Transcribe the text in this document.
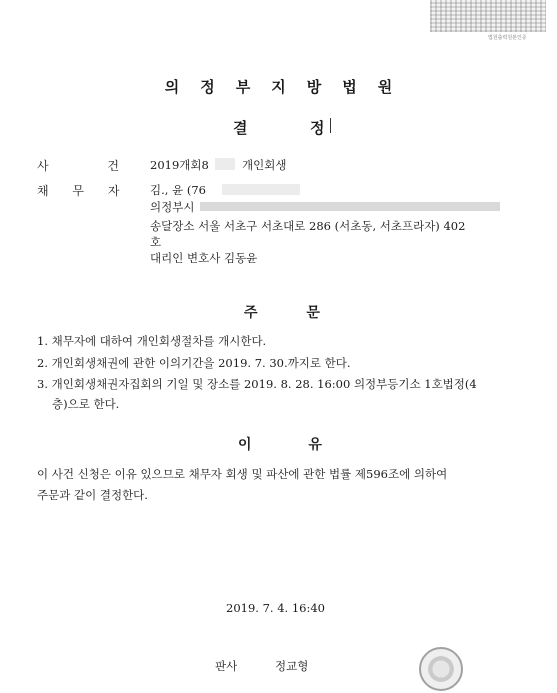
법원출력원본인증
의정부지방법원
결	정
사 건	2019개회8	개인회생
채 무 자	김., 윤 (76
의정부시
송달장소 서울 서초구 서초대로 286 (서초동, 서초프라자) 402
호
대리인 변호사 김동윤
주 문
1. 채무자에 대하여 개인회생절차를 개시한다.
2. 개인회생채권에 관한 이의기간을 2019. 7. 30.까지로 한다.
3. 개인회생채권자집회의 기일 및 장소를 2019. 8. 28. 16:00 의정부등기소 1호법정(4
층)으로 한다.
이 유
이 사건 신청은 이유 있으므로 채무자 회생 및 파산에 관한 법률 제596조에 의하여
주문과 같이 결정한다.
2019. 7. 4. 16:40
판사	정교형
